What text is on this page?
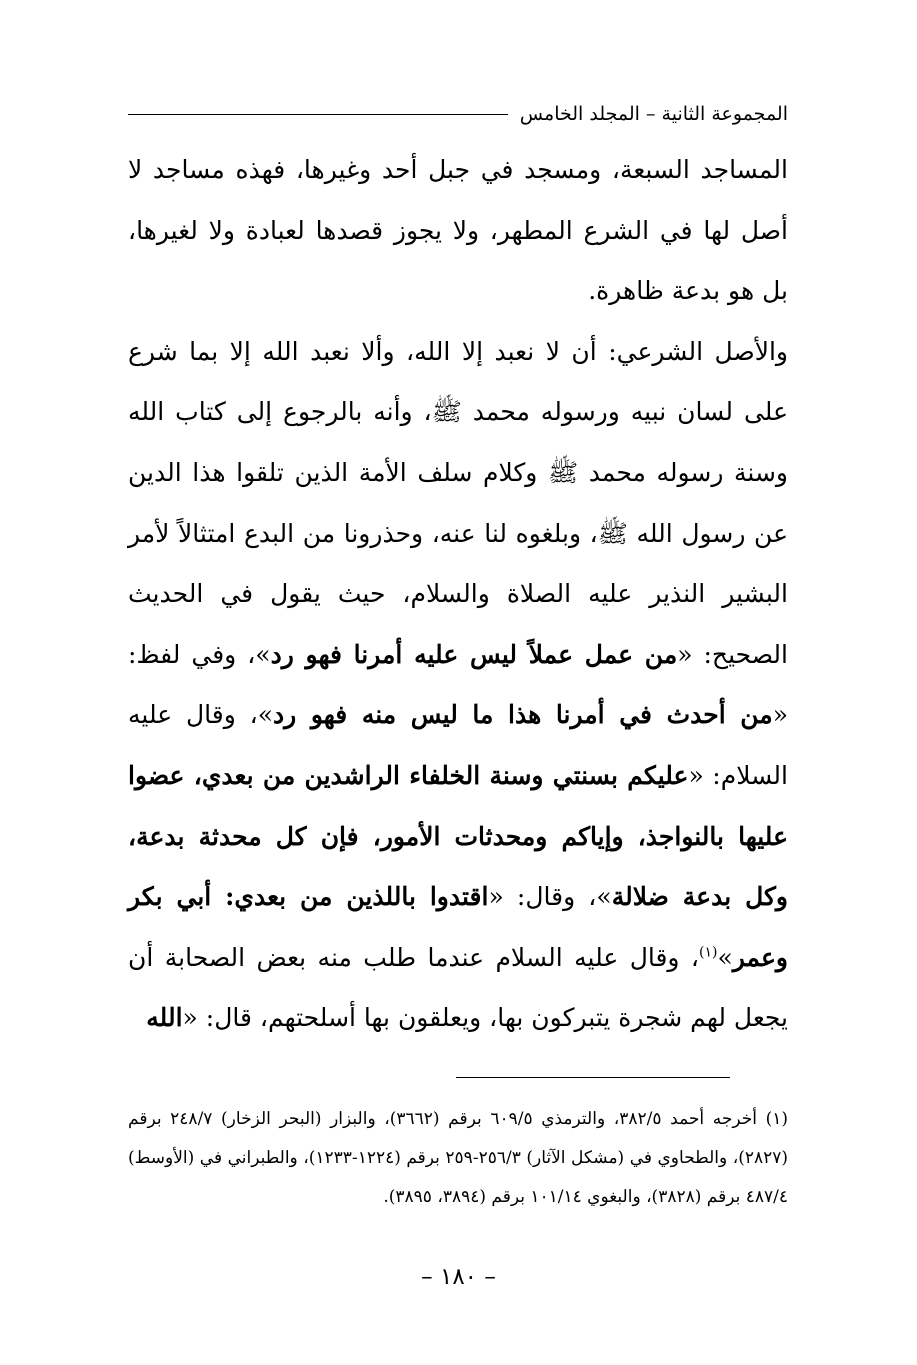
المجموعة الثانية – المجلد الخامس

المساجد السبعة، ومسجد في جبل أحد وغيرها، فهذه مساجد لا أصل لها في الشرع المطهر، ولا يجوز قصدها لعبادة ولا لغيرها، بل هو بدعة ظاهرة.

والأصل الشرعي: أن لا نعبد إلا الله، وألا نعبد الله إلا بما شرع على لسان نبيه ورسوله محمد ﷺ، وأنه بالرجوع إلى كتاب الله وسنة رسوله محمد ﷺ وكلام سلف الأمة الذين تلقوا هذا الدين عن رسول الله ﷺ، وبلغوه لنا عنه، وحذرونا من البدع امتثالاً لأمر البشير النذير عليه الصلاة والسلام، حيث يقول في الحديث الصحيح: «من عمل عملاً ليس عليه أمرنا فهو رد»، وفي لفظ: «من أحدث في أمرنا هذا ما ليس منه فهو رد»، وقال عليه السلام: «عليكم بسنتي وسنة الخلفاء الراشدين من بعدي، عضوا عليها بالنواجذ، وإياكم ومحدثات الأمور، فإن كل محدثة بدعة، وكل بدعة ضلالة»، وقال: «اقتدوا باللذين من بعدي: أبي بكر وعمر»$^{(١)}$، وقال عليه السلام عندما طلب منه بعض الصحابة أن يجعل لهم شجرة يتبركون بها، ويعلقون بها أسلحتهم، قال: «الله

(١) أخرجه أحمد ٣٨٢/٥، والترمذي ٦٠٩/٥ برقم (٣٦٦٢)، والبزار (البحر الزخار) ٢٤٨/٧ برقم (٢٨٢٧)، والطحاوي في (مشكل الآثار) ٢٥٦/٣-٢٥٩ برقم (١٢٢٤-١٢٣٣)، والطبراني في (الأوسط) ٤٨٧/٤ برقم (٣٨٢٨)، والبغوي ١٠١/١٤ برقم (٣٨٩٤، ٣٨٩٥).

– ١٨٠ –
